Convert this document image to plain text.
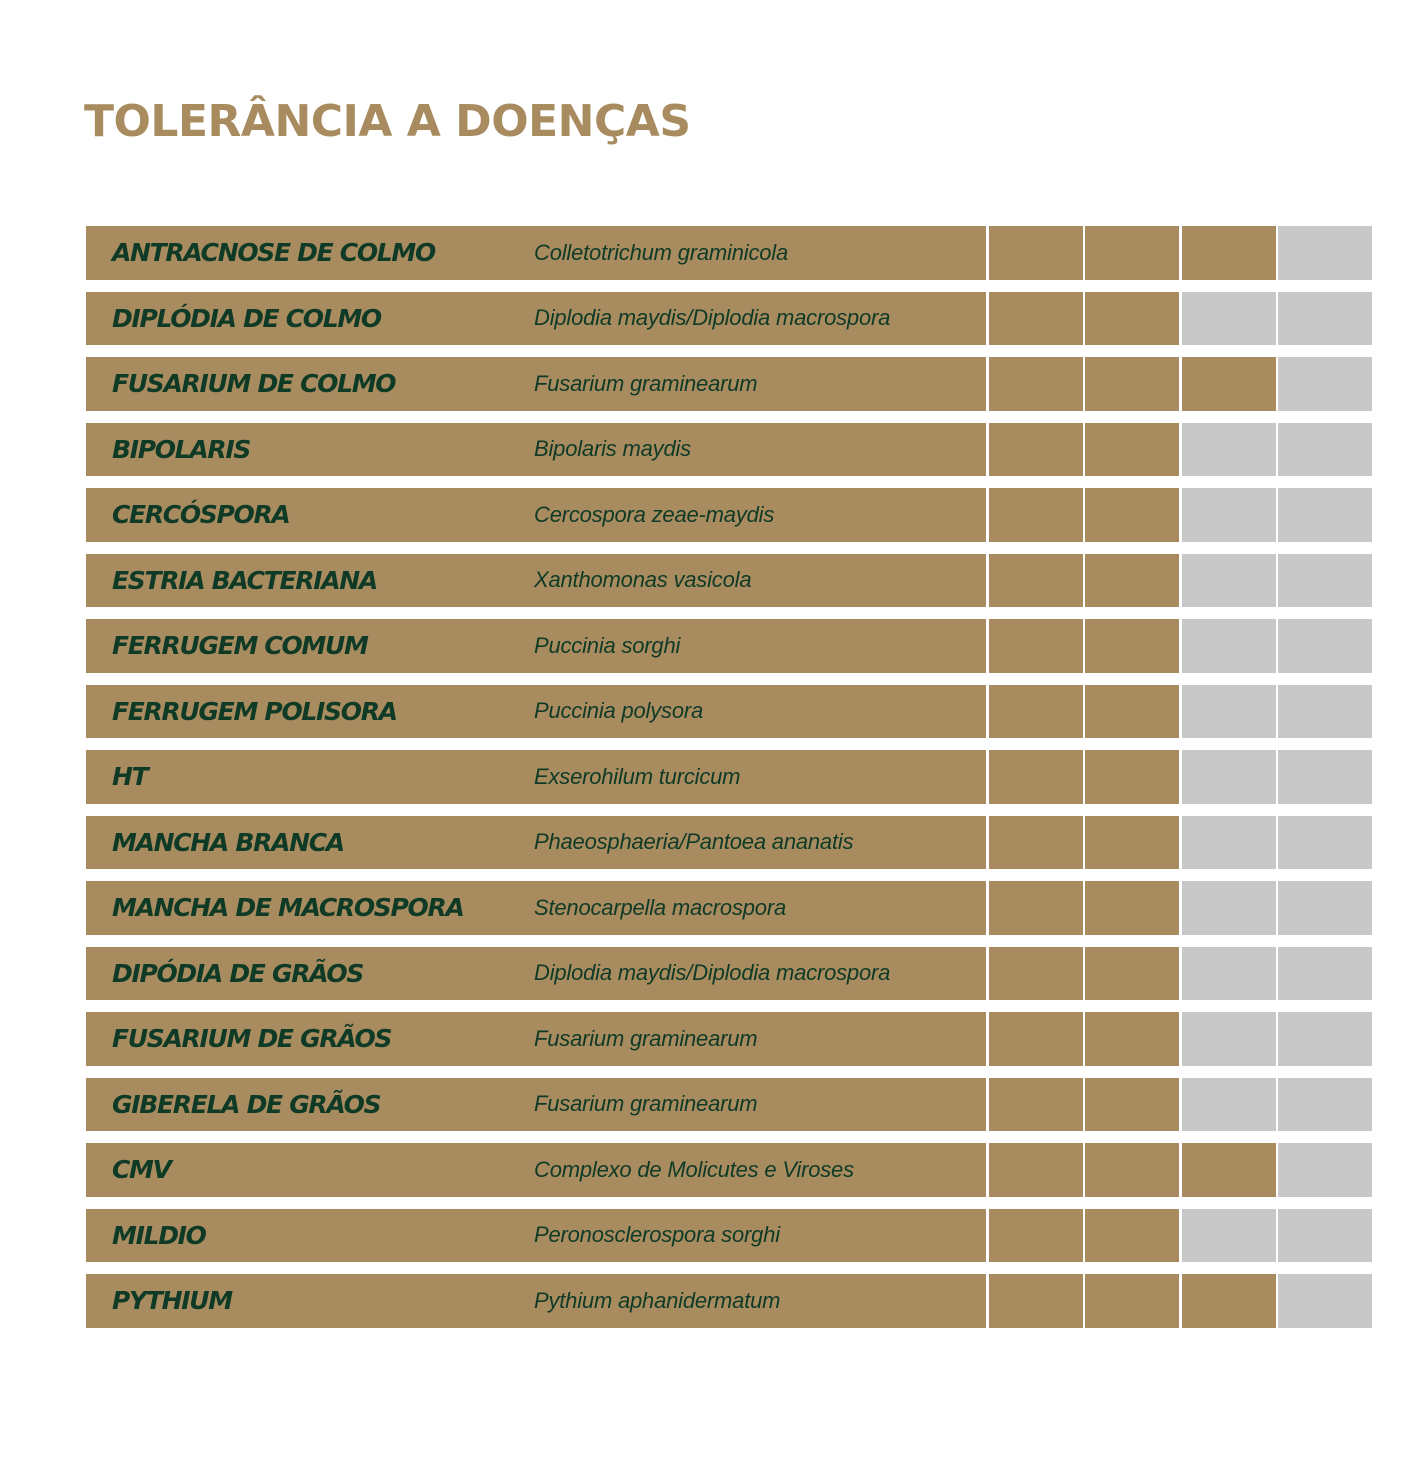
TOLERÂNCIA A DOENÇAS
ANTRACNOSE DE COLMO	Colletotrichum graminicola
DIPLÓDIA DE COLMO	Diplodia maydis/Diplodia macrospora
FUSARIUM DE COLMO	Fusarium graminearum
BIPOLARIS	Bipolaris maydis
CERCÓSPORA	Cercospora zeae-maydis
ESTRIA BACTERIANA	Xanthomonas vasicola
FERRUGEM COMUM	Puccinia sorghi
FERRUGEM POLISORA	Puccinia polysora
HT	Exserohilum turcicum
MANCHA BRANCA	Phaeosphaeria/Pantoea ananatis
MANCHA DE MACROSPORA	Stenocarpella macrospora
DIPÓDIA DE GRÃOS	Diplodia maydis/Diplodia macrospora
FUSARIUM DE GRÃOS	Fusarium graminearum
GIBERELA DE GRÃOS	Fusarium graminearum
CMV	Complexo de Molicutes e Viroses
MILDIO	Peronosclerospora sorghi
PYTHIUM	Pythium aphanidermatum
